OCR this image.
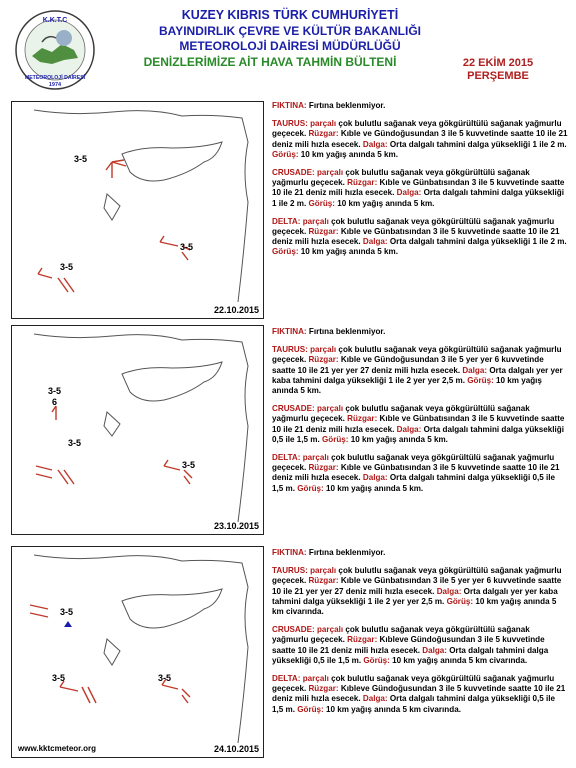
K.K.T.C
METEOROLOJİ DAİRESİ
1974
KUZEY KIBRIS TÜRK CUMHURİYETİ
BAYINDIRLIK ÇEVRE VE KÜLTÜR BAKANLIĞI
METEOROLOJİ DAİRESİ MÜDÜRLÜĞÜ
DENİZLERİMİZE AİT HAVA TAHMİN BÜLTENİ	22 EKİM 2015
PERŞEMBE
3-5
3-5
3-5
22.10.2015
3-5
6
3-5
3-5
23.10.2015
3-5
3-5	3-5
www.kktcmeteor.org	24.10.2015

FIKTINA: Fırtına beklenmiyor.

TAURUS: parçalı çok bulutlu sağanak veya gökgürültülü sağanak yağmurlu geçecek. Rüzgar: Kıble ve Gündoğusundan 3 ile 5 kuvvetinde saatte 10 ile 21 deniz mili hızla esecek. Dalga: Orta dalgalı tahmini dalga yüksekliği 1 ile 2 m. Görüş: 10 km yağış anında 5 km.

CRUSADE: parçalı çok bulutlu sağanak veya gökgürültülü sağanak yağmurlu geçecek. Rüzgar: Kıble ve Günbatısından 3 ile 5 kuvvetinde saatte 10 ile 21 deniz mili hızla esecek. Dalga: Orta dalgalı tahmini dalga yüksekliği 1 ile 2 m. Görüş: 10 km yağış anında 5 km.

DELTA: parçalı çok bulutlu sağanak veya gökgürültülü sağanak yağmurlu geçecek. Rüzgar: Kıble ve Günbatısından 3 ile 5 kuvvetinde saatte 10 ile 21 deniz mili hızla esecek. Dalga: Orta dalgalı tahmini dalga yüksekliği 1 ile 2 m. Görüş: 10 km yağış anında 5 km.

FIKTINA: Fırtına beklenmiyor.

TAURUS: parçalı çok bulutlu sağanak veya gökgürültülü sağanak yağmurlu geçecek. Rüzgar: Kıble ve Gündoğusundan 3 ile 5 yer yer 6 kuvvetinde saatte 10 ile 21 yer yer 27 deniz mili hızla esecek. Dalga: Orta dalgalı yer yer kaba tahmini dalga yüksekliği 1 ile 2 yer yer 2,5 m. Görüş: 10 km yağış anında 5 km.

CRUSADE: parçalı çok bulutlu sağanak veya gökgürültülü sağanak yağmurlu geçecek. Rüzgar: Kıble ve Günbatısından 3 ile 5 kuvvetinde saatte 10 ile 21 deniz mili hızla esecek. Dalga: Orta dalgalı tahmini dalga yüksekliği 0,5 ile 1,5 m. Görüş: 10 km yağış anında 5 km.

DELTA: parçalı çok bulutlu sağanak veya gökgürültülü sağanak yağmurlu geçecek. Rüzgar: Kıble ve Günbatısından 3 ile 5 kuvvetinde saatte 10 ile 21 deniz mili hızla esecek. Dalga: Orta dalgalı tahmini dalga yüksekliği 0,5 ile 1,5 m. Görüş: 10 km yağış anında 5 km.

FIKTINA: Fırtına beklenmiyor.

TAURUS: parçalı çok bulutlu sağanak veya gökgürültülü sağanak yağmurlu geçecek. Rüzgar: Kıble ve Günbatısından 3 ile 5 yer yer 6 kuvvetinde saatte 10 ile 21 yer yer 27 deniz mili hızla esecek. Dalga: Orta dalgalı yer yer kaba tahmini dalga yüksekliği 1 ile 2 yer yer 2,5 m. Görüş: 10 km yağış anında 5 km civarında.

CRUSADE: parçalı çok bulutlu sağanak veya gökgürültülü sağanak yağmurlu geçecek. Rüzgar: Kıbleve Gündoğusundan 3 ile 5 kuvvetinde saatte 10 ile 21 deniz mili hızla esecek. Dalga: Orta dalgalı tahmini dalga yüksekliği 0,5 ile 1,5 m. Görüş: 10 km yağış anında 5 km civarında.

DELTA: parçalı çok bulutlu sağanak veya gökgürültülü sağanak yağmurlu geçecek. Rüzgar: Kıbleve Gündoğusundan 3 ile 5 kuvvetinde saatte 10 ile 21 deniz mili hızla esecek. Dalga: Orta dalgalı tahmini dalga yüksekliği 0,5 ile 1,5 m. Görüş: 10 km yağış anında 5 km civarında.
